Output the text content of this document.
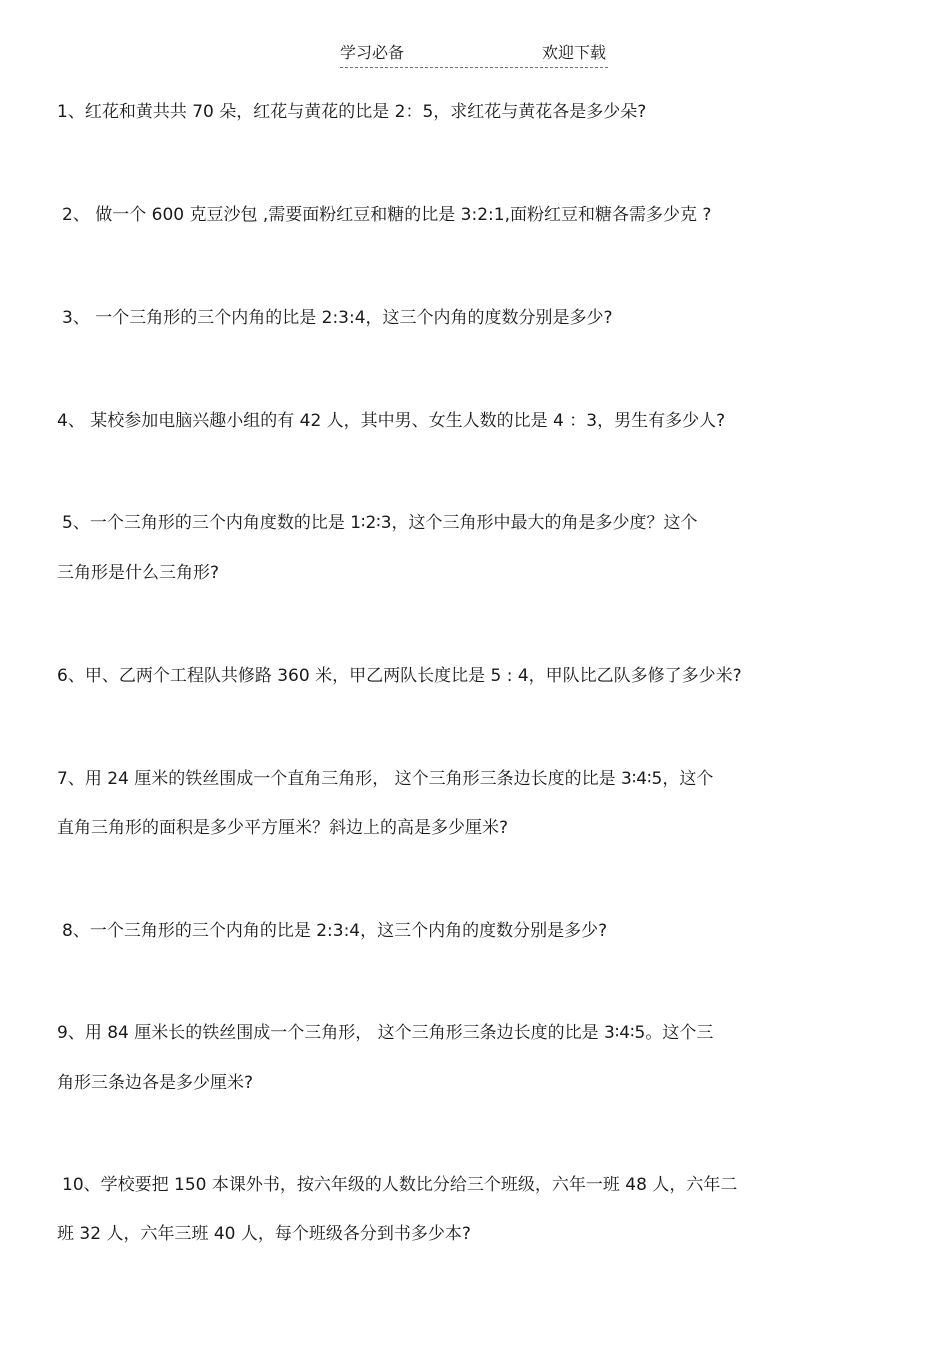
学习必备	欢迎下载
1、红花和黄共共 70 朵，红花与黄花的比是 2：5，求红花与黄花各是多少朵?
2、 做一个 600 克豆沙包 ,需要面粉红豆和糖的比是 3:2:1,面粉红豆和糖各需多少克 ?
3、 一个三角形的三个内角的比是 2:3:4，这三个内角的度数分别是多少?
4、 某校参加电脑兴趣小组的有 42 人，其中男、女生人数的比是 4 ：3，男生有多少人?
5、一个三角形的三个内角度数的比是 1∶2∶3，这个三角形中最大的角是多少度？这个
三角形是什么三角形?
6、甲、乙两个工程队共修路 360 米，甲乙两队长度比是 5 : 4，甲队比乙队多修了多少米?
7、用 24 厘米的铁丝围成一个直角三角形， 这个三角形三条边长度的比是 3∶4∶5，这个
直角三角形的面积是多少平方厘米？斜边上的高是多少厘米?
8、一个三角形的三个内角的比是 2:3:4，这三个内角的度数分别是多少?
9、用 84 厘米长的铁丝围成一个三角形， 这个三角形三条边长度的比是 3∶4∶5。这个三
角形三条边各是多少厘米?
10、学校要把 150 本课外书，按六年级的人数比分给三个班级，六年一班 48 人，六年二
班 32 人，六年三班 40 人，每个班级各分到书多少本?
